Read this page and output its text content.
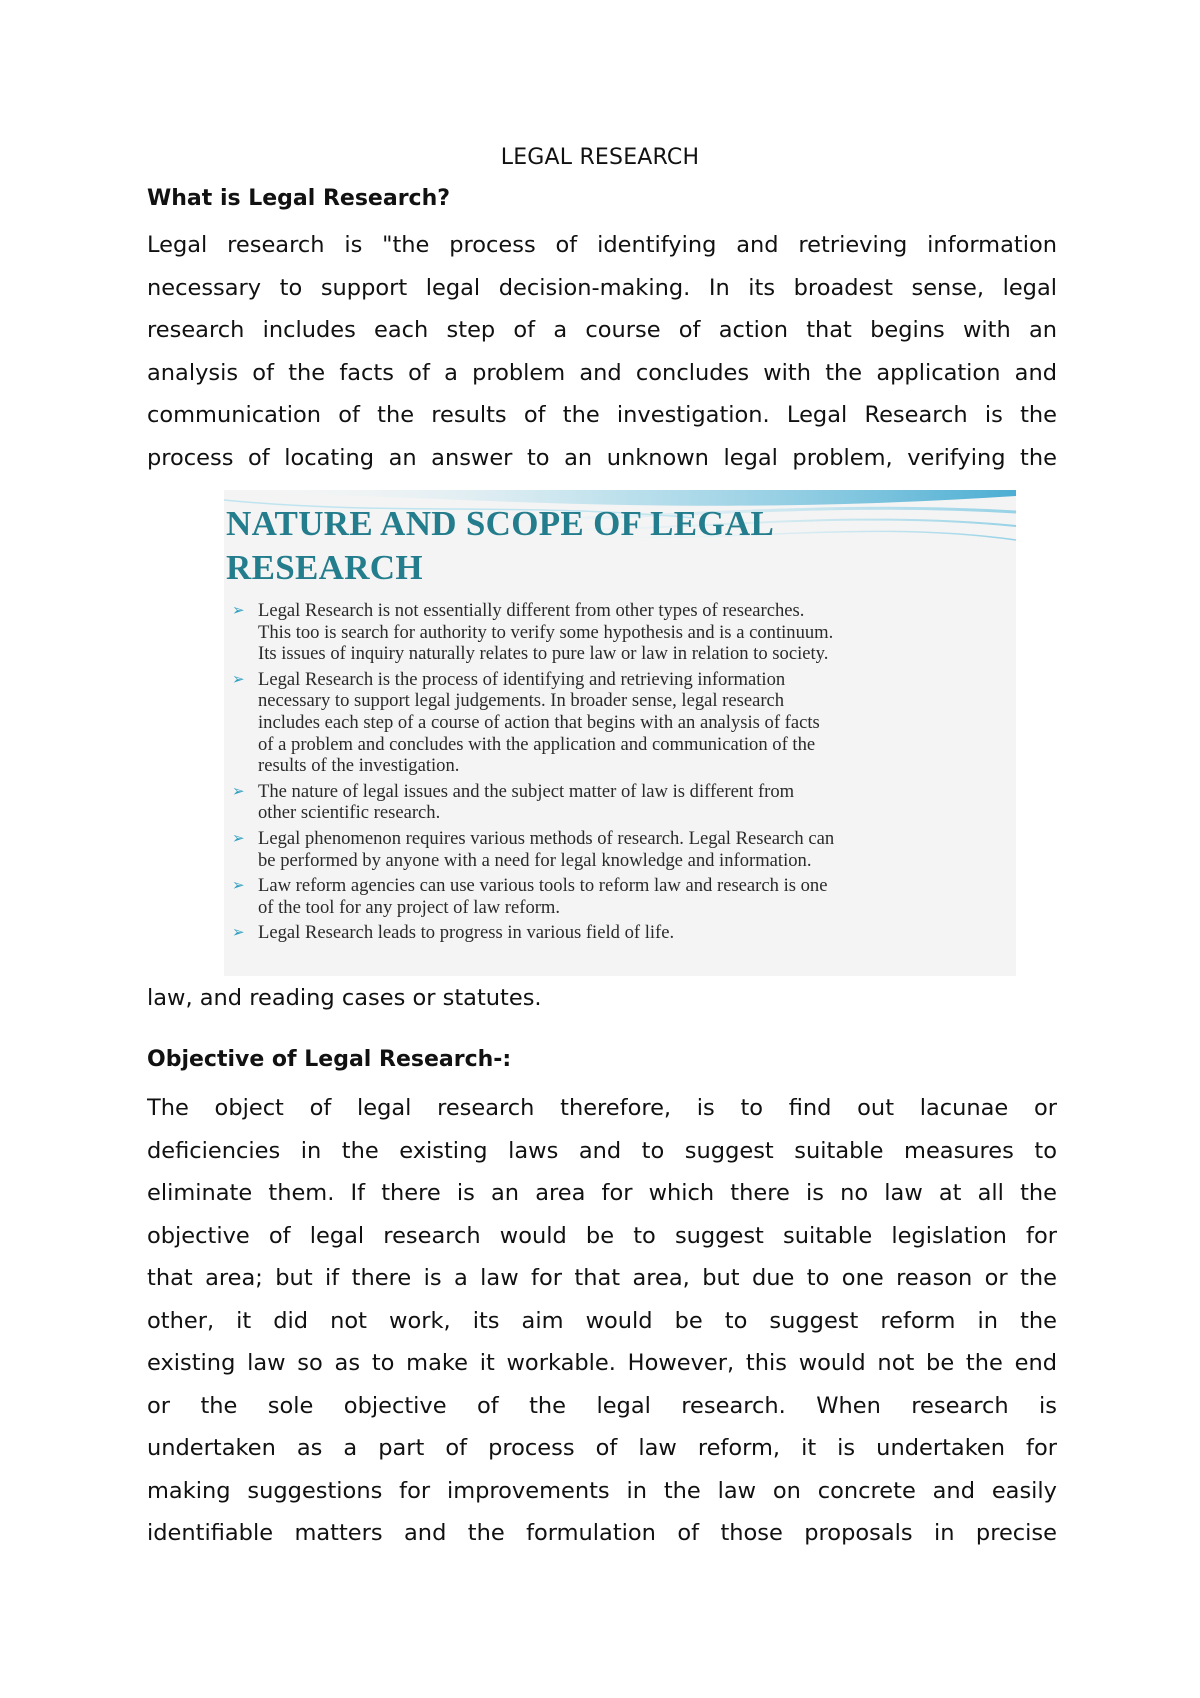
LEGAL RESEARCH
What is Legal Research?
Legal research is "the process of identifying and retrieving information
necessary to support legal decision-making. In its broadest sense, legal
research includes each step of a course of action that begins with an
analysis of the facts of a problem and concludes with the application and
communication of the results of the investigation. Legal Research is the
process of locating an answer to an unknown legal problem, verifying the
NATURE AND SCOPE OF LEGAL
RESEARCH
➢ Legal Research is not essentially different from other types of researches.
This too is search for authority to verify some hypothesis and is a continuum.
Its issues of inquiry naturally relates to pure law or law in relation to society.
➢ Legal Research is the process of identifying and retrieving information
necessary to support legal judgements. In broader sense, legal research
includes each step of a course of action that begins with an analysis of facts
of a problem and concludes with the application and communication of the
results of the investigation.
➢ The nature of legal issues and the subject matter of law is different from
other scientific research.
➢ Legal phenomenon requires various methods of research. Legal Research can
be performed by anyone with a need for legal knowledge and information.
➢ Law reform agencies can use various tools to reform law and research is one
of the tool for any project of law reform.
➢ Legal Research leads to progress in various field of life.
law, and reading cases or statutes.
Objective of Legal Research-:
The object of legal research therefore, is to find out lacunae or
deficiencies in the existing laws and to suggest suitable measures to
eliminate them. If there is an area for which there is no law at all the
objective of legal research would be to suggest suitable legislation for
that area; but if there is a law for that area, but due to one reason or the
other, it did not work, its aim would be to suggest reform in the
existing law so as to make it workable. However, this would not be the end
or the sole objective of the legal research. When research is
undertaken as a part of process of law reform, it is undertaken for
making suggestions for improvements in the law on concrete and easily
identifiable matters and the formulation of those proposals in precise
